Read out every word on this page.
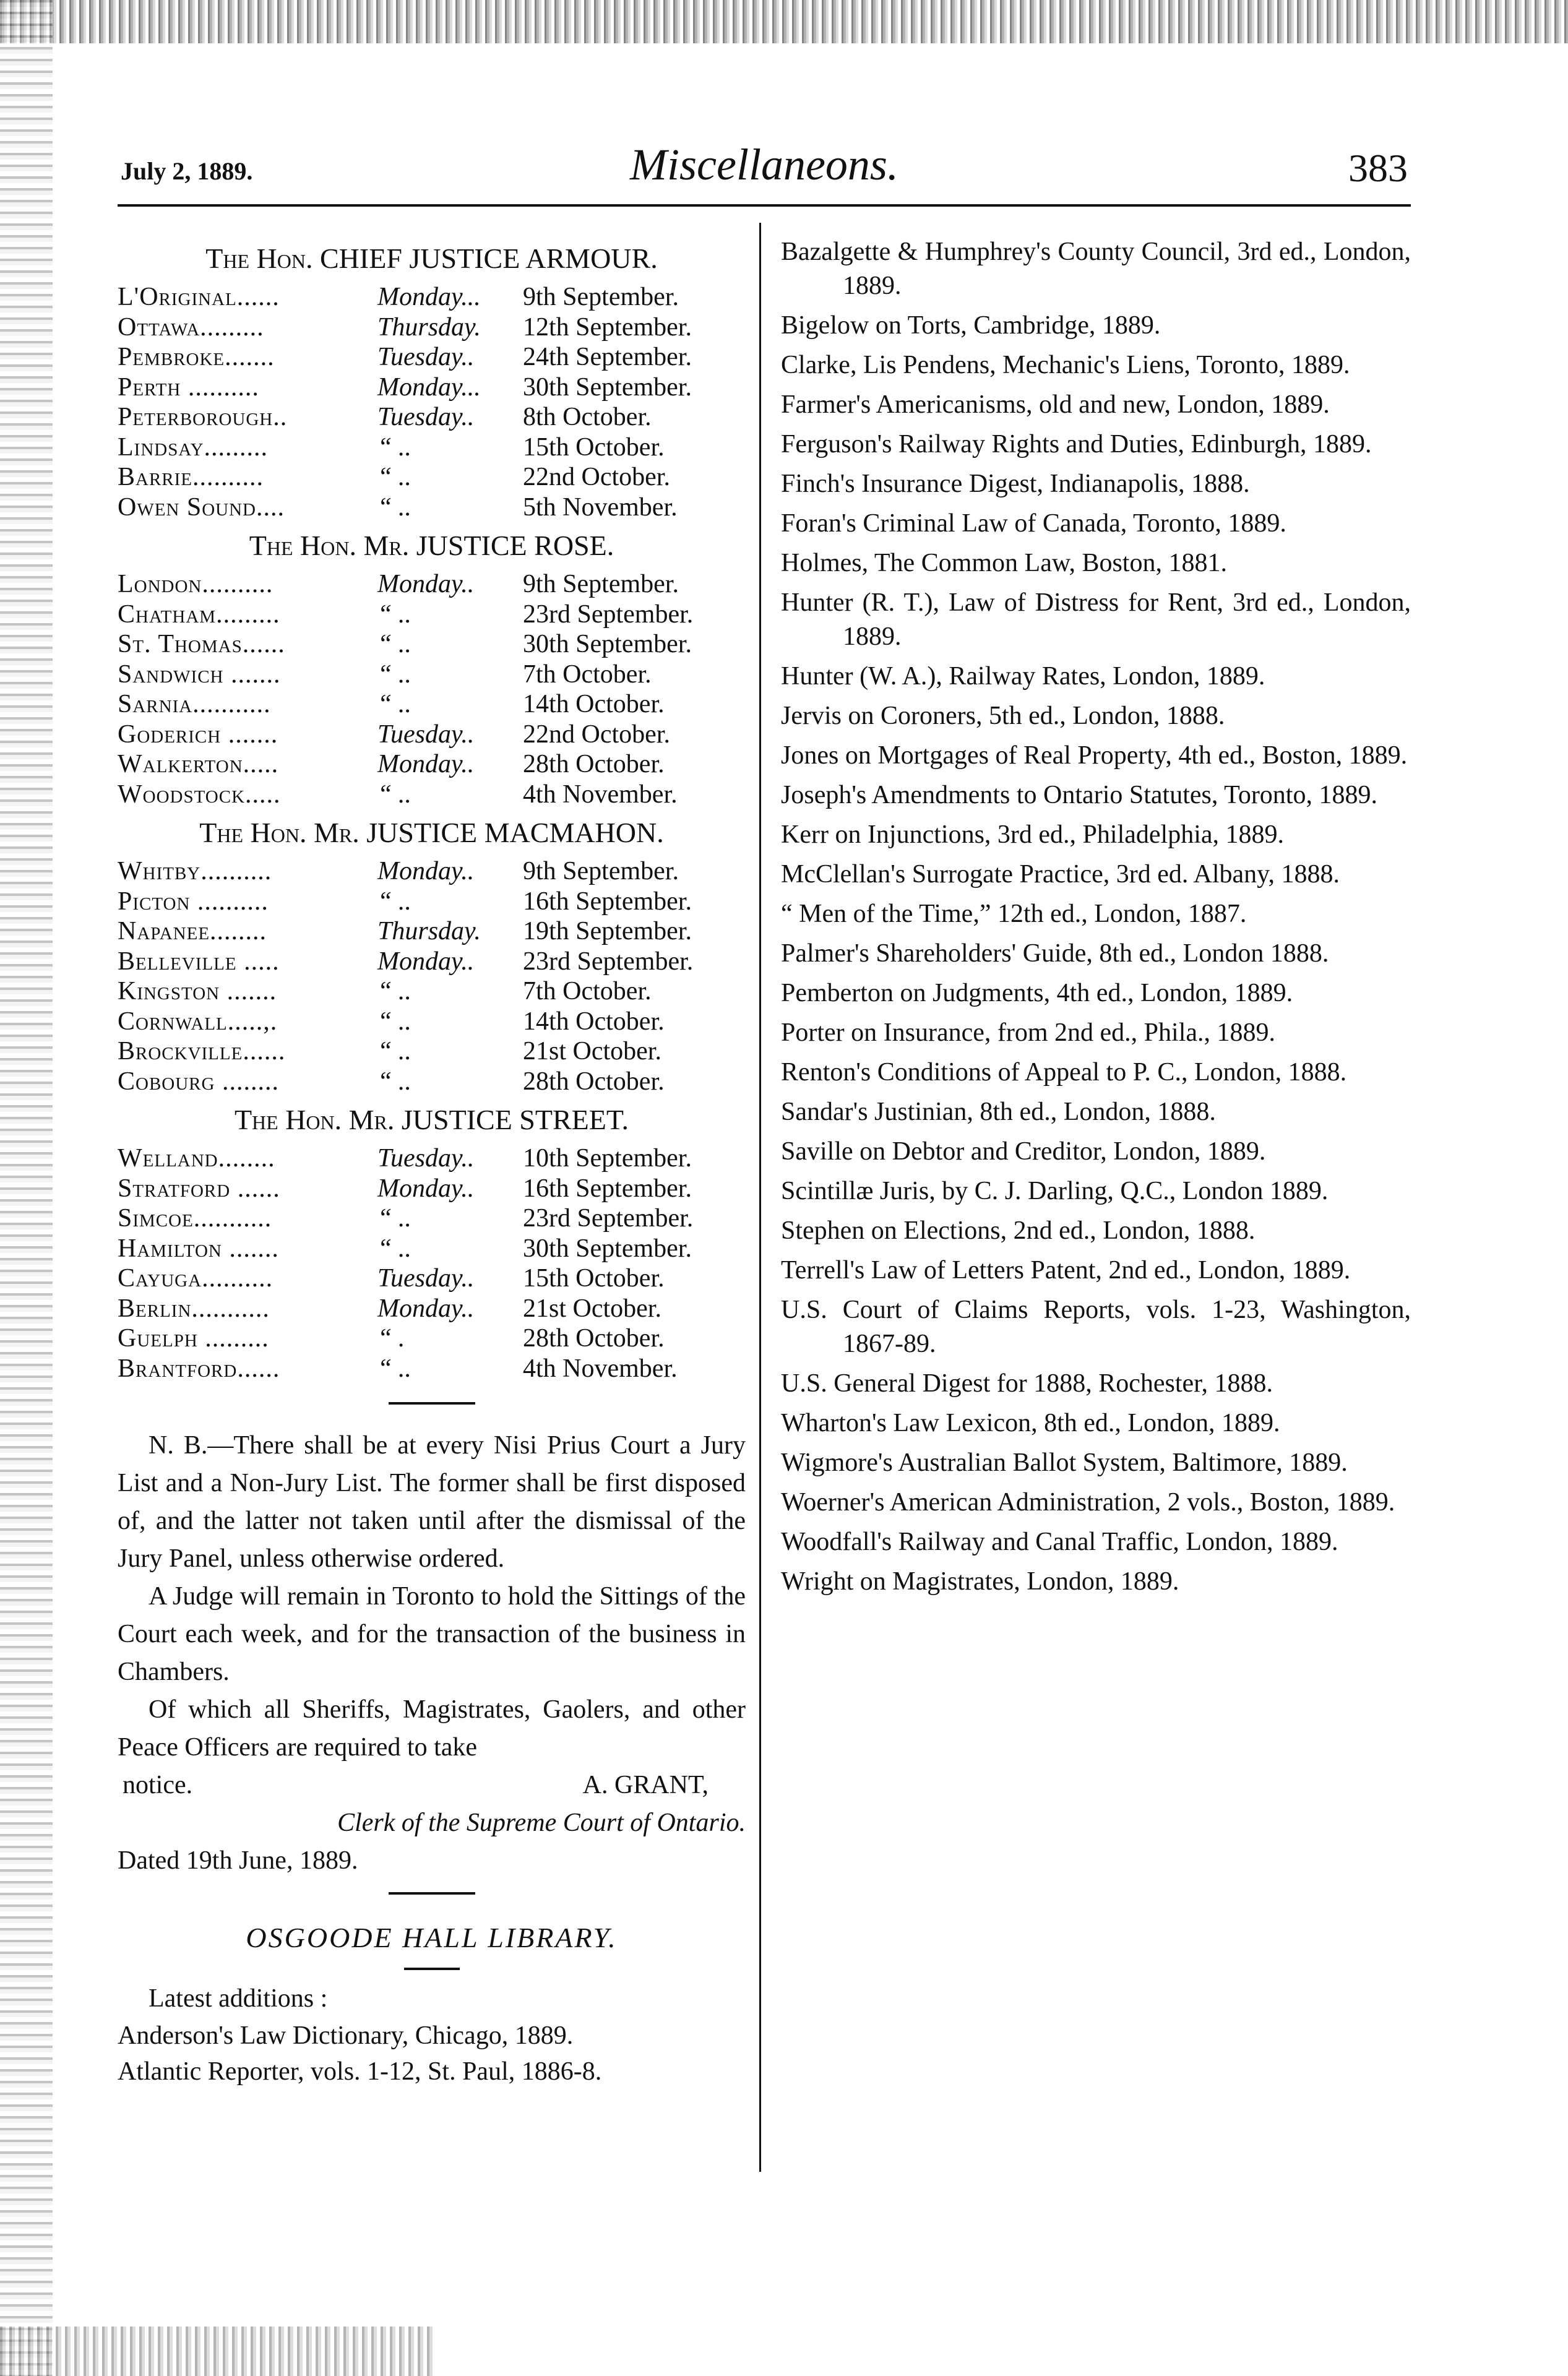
July 2, 1889.	Miscellaneons.	383
The Hon. CHIEF JUSTICE ARMOUR.
L'Original......	Monday...	9th September.
Ottawa.........	Thursday.	12th September.
Pembroke.......	Tuesday..	24th September.
Perth ..........	Monday...	30th September.
Peterborough..	Tuesday..	8th October.
Lindsay.........	“ ..	15th October.
Barrie..........	“ ..	22nd October.
Owen Sound....	“ ..	5th November.
The Hon. Mr. JUSTICE ROSE.
London..........	Monday..	9th September.
Chatham.........	“ ..	23rd September.
St. Thomas......	“ ..	30th September.
Sandwich .......	“ ..	7th October.
Sarnia...........	“ ..	14th October.
Goderich .......	Tuesday..	22nd October.
Walkerton.....	Monday..	28th October.
Woodstock.....	“ ..	4th November.
The Hon. Mr. JUSTICE MACMAHON.
Whitby..........	Monday..	9th September.
Picton ..........	“ ..	16th September.
Napanee........	Thursday.	19th September.
Belleville .....	Monday..	23rd September.
Kingston .......	“ ..	7th October.
Cornwall.....,.	“ ..	14th October.
Brockville......	“ ..	21st October.
Cobourg ........	“ ..	28th October.
The Hon. Mr. JUSTICE STREET.
Welland........	Tuesday..	10th September.
Stratford ......	Monday..	16th September.
Simcoe...........	“ ..	23rd September.
Hamilton .......	“ ..	30th September.
Cayuga..........	Tuesday..	15th October.
Berlin...........	Monday..	21st October.
Guelph .........	“ .	28th October.
Brantford......	“ ..	4th November.

N. B.—There shall be at every Nisi Prius Court a Jury List and a Non-Jury List. The former shall be first disposed of, and the latter not taken until after the dismissal of the Jury Panel, unless otherwise ordered.

A Judge will remain in Toronto to hold the Sittings of the Court each week, and for the transaction of the business in Chambers.

Of which all Sheriffs, Magistrates, Gaolers, and other Peace Officers are required to take

notice.	A. GRANT,
Clerk of the Supreme Court of Ontario.
Dated 19th June, 1889.
OSGOODE HALL LIBRARY.
Latest additions :
Anderson's Law Dictionary, Chicago, 1889.
Atlantic Reporter, vols. 1-12, St. Paul, 1886-8.
Bazalgette & Humphrey's County Council, 3rd ed., London, 1889.
Bigelow on Torts, Cambridge, 1889.
Clarke, Lis Pendens, Mechanic's Liens, Toronto, 1889.
Farmer's Americanisms, old and new, London, 1889.
Ferguson's Railway Rights and Duties, Edinburgh, 1889.
Finch's Insurance Digest, Indianapolis, 1888.
Foran's Criminal Law of Canada, Toronto, 1889.
Holmes, The Common Law, Boston, 1881.
Hunter (R. T.), Law of Distress for Rent, 3rd ed., London, 1889.
Hunter (W. A.), Railway Rates, London, 1889.
Jervis on Coroners, 5th ed., London, 1888.
Jones on Mortgages of Real Property, 4th ed., Boston, 1889.
Joseph's Amendments to Ontario Statutes, Toronto, 1889.
Kerr on Injunctions, 3rd ed., Philadelphia, 1889.
McClellan's Surrogate Practice, 3rd ed. Albany, 1888.
“ Men of the Time,” 12th ed., London, 1887.
Palmer's Shareholders' Guide, 8th ed., London 1888.
Pemberton on Judgments, 4th ed., London, 1889.
Porter on Insurance, from 2nd ed., Phila., 1889.
Renton's Conditions of Appeal to P. C., London, 1888.
Sandar's Justinian, 8th ed., London, 1888.
Saville on Debtor and Creditor, London, 1889.
Scintillæ Juris, by C. J. Darling, Q.C., London 1889.
Stephen on Elections, 2nd ed., London, 1888.
Terrell's Law of Letters Patent, 2nd ed., London, 1889.
U.S. Court of Claims Reports, vols. 1-23, Washington, 1867-89.
U.S. General Digest for 1888, Rochester, 1888.
Wharton's Law Lexicon, 8th ed., London, 1889.
Wigmore's Australian Ballot System, Baltimore, 1889.
Woerner's American Administration, 2 vols., Boston, 1889.
Woodfall's Railway and Canal Traffic, London, 1889.
Wright on Magistrates, London, 1889.
